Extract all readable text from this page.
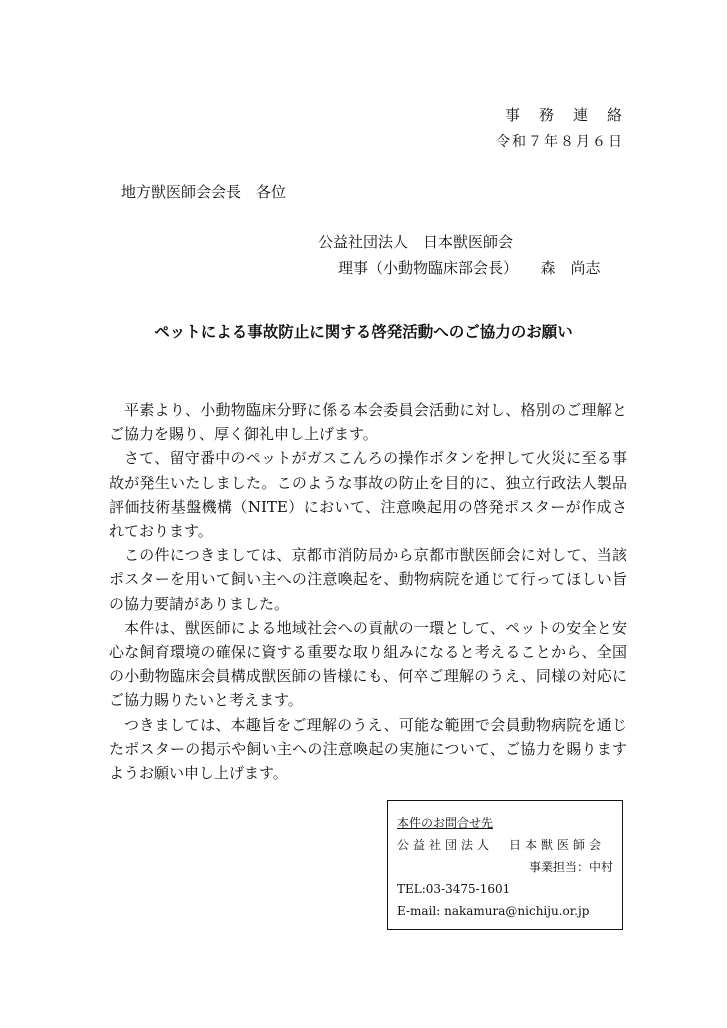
事務連絡
令和７年８月６日
地方獣医師会会長　各位
公益社団法人　日本獣医師会
理事（小動物臨床部会長）　　森　尚志
ペットによる事故防止に関する啓発活動へのご協力のお願い

平素より、小動物臨床分野に係る本会委員会活動に対し、格別のご理解とご協力を賜り、厚く御礼申し上げます。

さて、留守番中のペットがガスこんろの操作ボタンを押して火災に至る事故が発生いたしました。このような事故の防止を目的に、独立行政法人製品評価技術基盤機構（NITE）において、注意喚起用の啓発ポスターが作成されております。

この件につきましては、京都市消防局から京都市獣医師会に対して、当該ポスターを用いて飼い主への注意喚起を、動物病院を通じて行ってほしい旨の協力要請がありました。

本件は、獣医師による地域社会への貢献の一環として、ペットの安全と安心な飼育環境の確保に資する重要な取り組みになると考えることから、全国の小動物臨床会員構成獣医師の皆様にも、何卒ご理解のうえ、同様の対応にご協力賜りたいと考えます。

つきましては、本趣旨をご理解のうえ、可能な範囲で会員動物病院を通じたポスターの掲示や飼い主への注意喚起の実施について、ご協力を賜りますようお願い申し上げます。

本件のお問合せ先
公益社団法人　日本獣医師会
事業担当：中村
TEL:03-3475-1601
E-mail: nakamura@nichiju.or.jp
